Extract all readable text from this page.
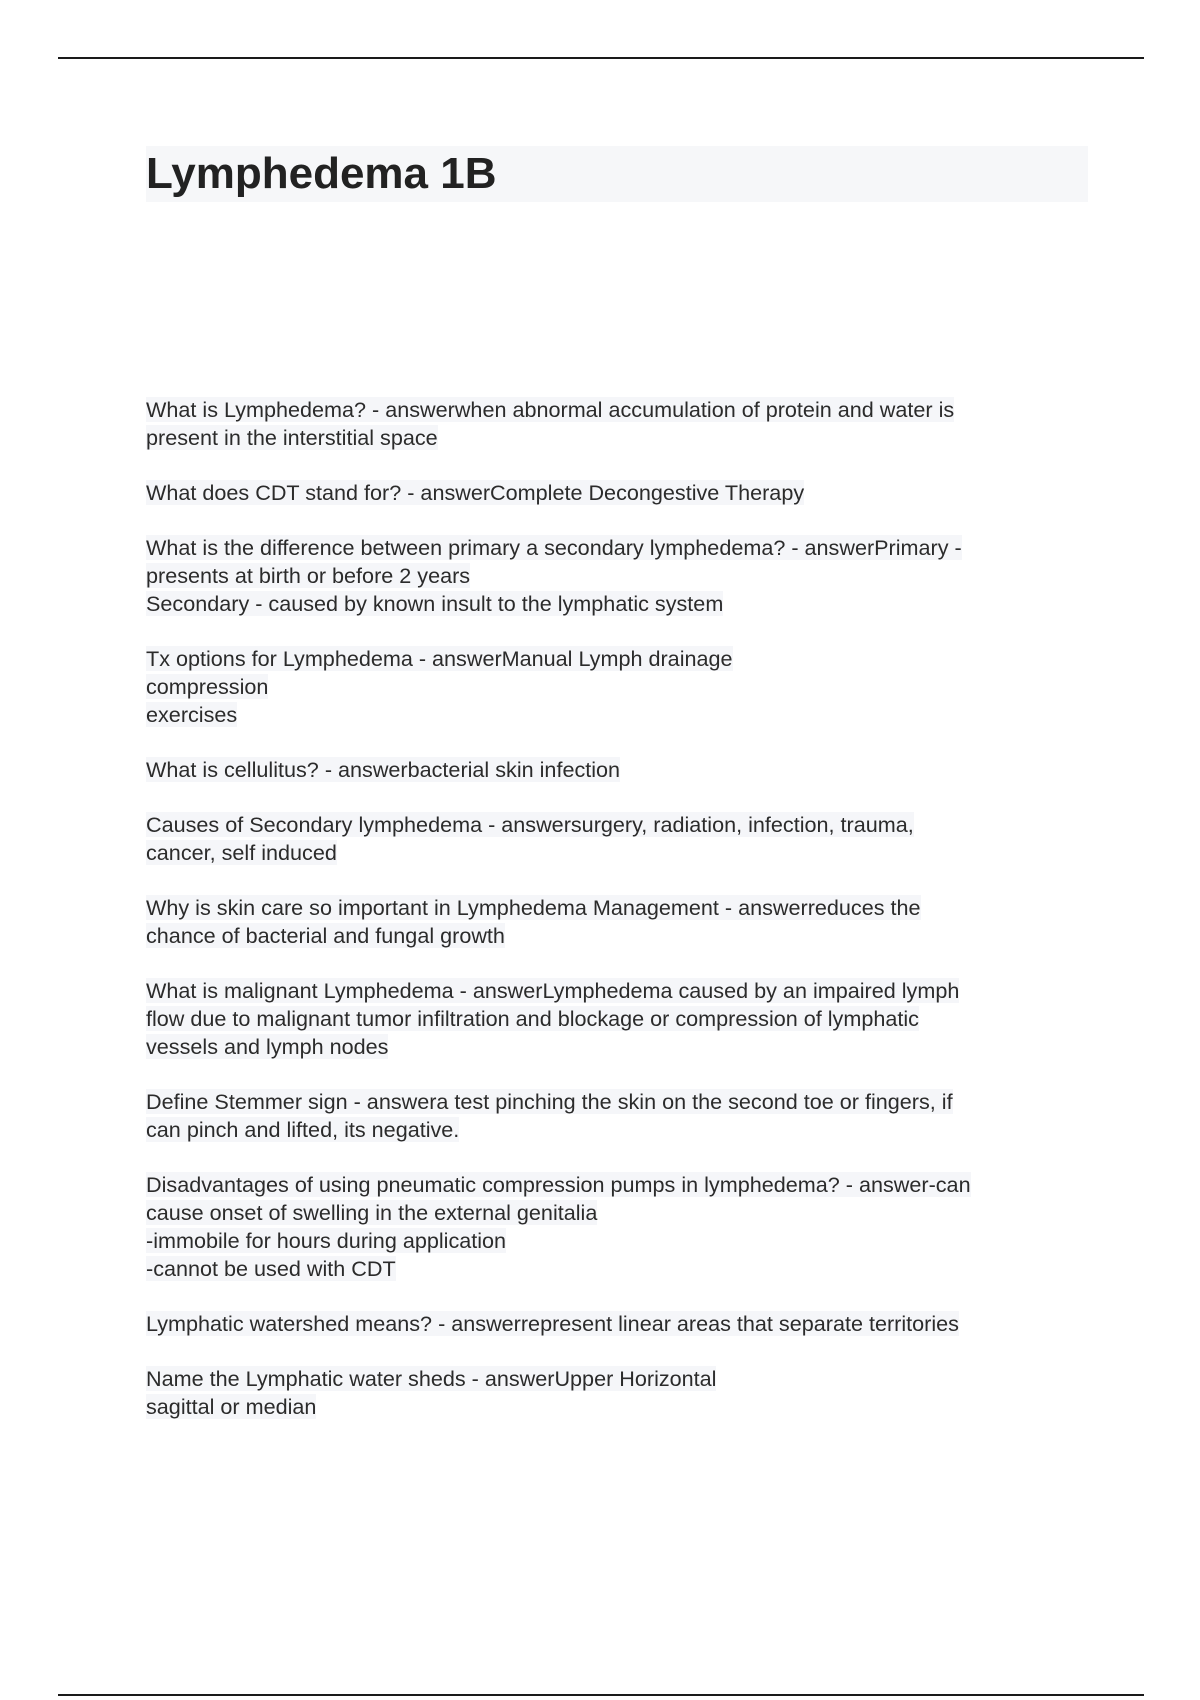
Lymphedema 1B

What is Lymphedema? - answerwhen abnormal accumulation of protein and water is
present in the interstitial space

What does CDT stand for? - answerComplete Decongestive Therapy

What is the difference between primary a secondary lymphedema? - answerPrimary -
presents at birth or before 2 years
Secondary - caused by known insult to the lymphatic system

Tx options for Lymphedema - answerManual Lymph drainage
compression
exercises

What is cellulitus? - answerbacterial skin infection

Causes of Secondary lymphedema - answersurgery, radiation, infection, trauma,
cancer, self induced

Why is skin care so important in Lymphedema Management - answerreduces the
chance of bacterial and fungal growth

What is malignant Lymphedema - answerLymphedema caused by an impaired lymph
flow due to malignant tumor infiltration and blockage or compression of lymphatic
vessels and lymph nodes

Define Stemmer sign - answera test pinching the skin on the second toe or fingers, if
can pinch and lifted, its negative.

Disadvantages of using pneumatic compression pumps in lymphedema? - answer-can
cause onset of swelling in the external genitalia
-immobile for hours during application
-cannot be used with CDT

Lymphatic watershed means? - answerrepresent linear areas that separate territories

Name the Lymphatic water sheds - answerUpper Horizontal
sagittal or median
